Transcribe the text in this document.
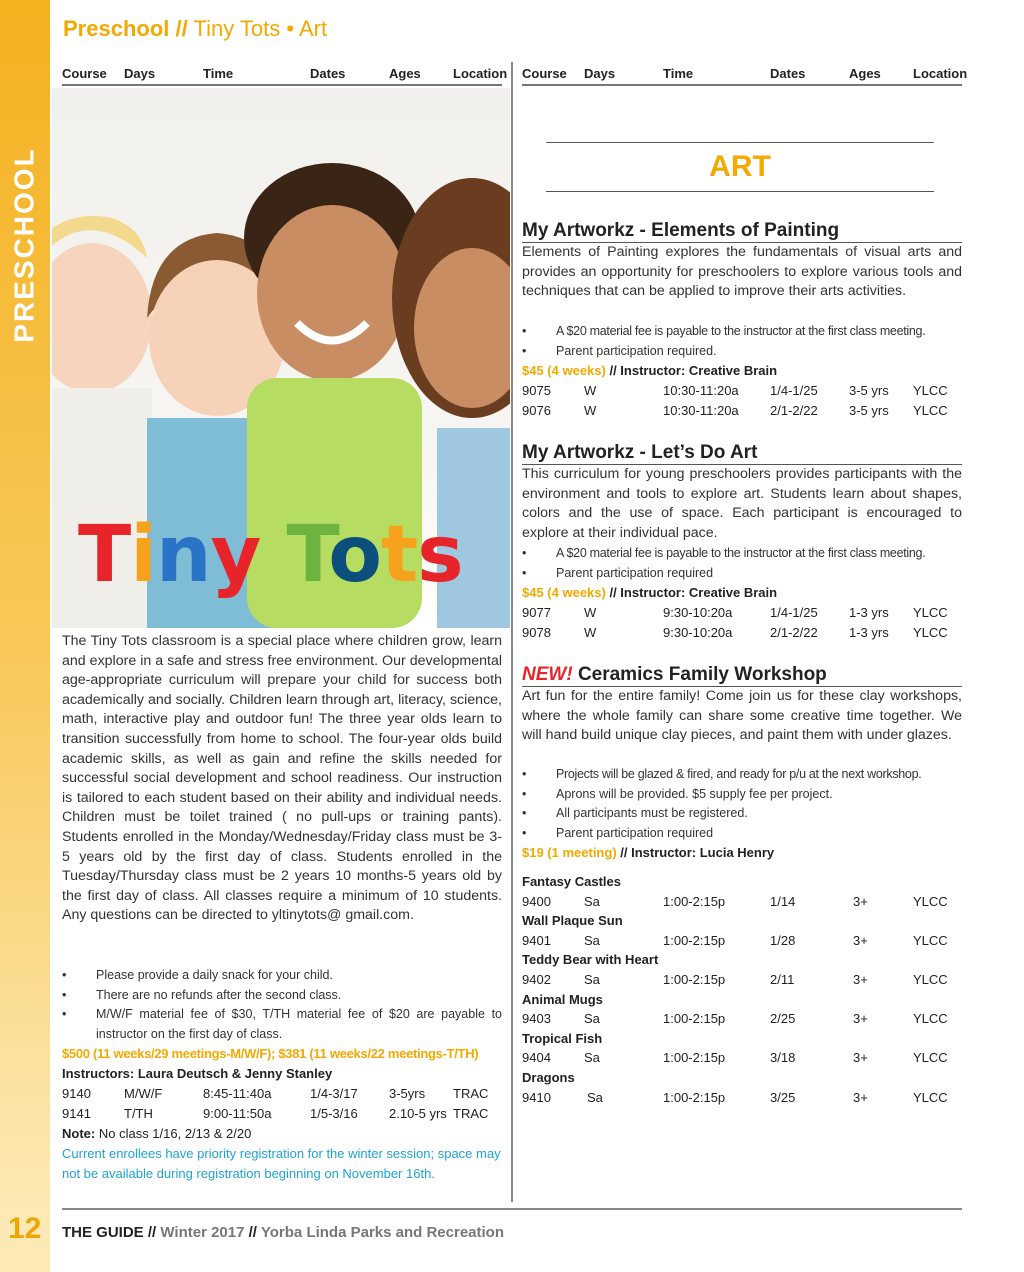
PRESCHOOL
12
Preschool // Tiny Tots • Art
Course Days	Time	Dates	Ages Location Course Days	Time	Dates	Ages Location
Tiny Tots
The Tiny Tots classroom is a special place where children grow, learn and explore in a safe and stress free environment. Our developmental age-appropriate curriculum will prepare your child for success both academically and socially. Children learn through art, literacy, science, math, interactive play and outdoor fun! The three year olds learn to transition successfully from home to school. The four-year olds build academic skills, as well as gain and refine the skills needed for successful social development and school readiness. Our instruction is tailored to each student based on their ability and individual needs. Children must be toilet trained ( no pull-ups or training pants). Students enrolled in the Monday/Wednesday/Friday class must be 3-5 years old by the first day of class. Students enrolled in the Tuesday/Thursday class must be 2 years 10 months-5 years old by the first day of class. All classes require a minimum of 10 students. Any questions can be directed to yltinytots@ gmail.com.
• Please provide a daily snack for your child.
• There are no refunds after the second class.
• M/W/F material fee of $30, T/TH material fee of $20 are payable to instructor on the first day of class.
$500 (11 weeks/29 meetings-M/W/F); $381 (11 weeks/22 meetings-T/TH)
Instructors: Laura Deutsch & Jenny Stanley
9140	M/W/F	8:45-11:40a	1/4-3/17 3-5yrs TRAC
9141	T/TH	9:00-11:50a	1/5-3/16 2.10-5 yrs TRAC
Note: No class 1/16, 2/13 & 2/20
Current enrollees have priority registration for the winter session; space may not be available during registration beginning on November 16th.
ART
My Artworkz - Elements of Painting
Elements of Painting explores the fundamentals of visual arts and provides an opportunity for preschoolers to explore various tools and techniques that can be applied to improve their arts activities.
• A $20 material fee is payable to the instructor at the first class meeting.
• Parent participation required.
$45 (4 weeks) // Instructor: Creative Brain
9075	W	10:30-11:20a 1/4-1/25 3-5 yrs YLCC
9076	W	10:30-11:20a 2/1-2/22 3-5 yrs YLCC
My Artworkz - Let’s Do Art
This curriculum for young preschoolers provides participants with the environment and tools to explore art. Students learn about shapes, colors and the use of space. Each participant is encouraged to explore at their individual pace.
• A $20 material fee is payable to the instructor at the first class meeting.
• Parent participation required
$45 (4 weeks) // Instructor: Creative Brain
9077	W	9:30-10:20a	1/4-1/25 1-3 yrs YLCC
9078	W	9:30-10:20a	2/1-2/22 1-3 yrs YLCC
NEW! Ceramics Family Workshop
Art fun for the entire family! Come join us for these clay workshops, where the whole family can share some creative time together. We will hand build unique clay pieces, and paint them with under glazes.
• Projects will be glazed & fired, and ready for p/u at the next workshop.
• Aprons will be provided. $5 supply fee per project.
• All participants must be registered.
• Parent participation required
$19 (1 meeting) // Instructor: Lucia Henry
Fantasy Castles
9400	Sa	1:00-2:15p	1/14	3+	YLCC
Wall Plaque Sun
9401	Sa	1:00-2:15p	1/28	3+	YLCC
Teddy Bear with Heart
9402	Sa	1:00-2:15p	2/11	3+	YLCC
Animal Mugs
9403	Sa	1:00-2:15p	2/25	3+	YLCC
Tropical Fish
9404	Sa	1:00-2:15p	3/18	3+	YLCC
Dragons
9410	Sa	1:00-2:15p	3/25	3+	YLCC
THE GUIDE // Winter 2017 // Yorba Linda Parks and Recreation
